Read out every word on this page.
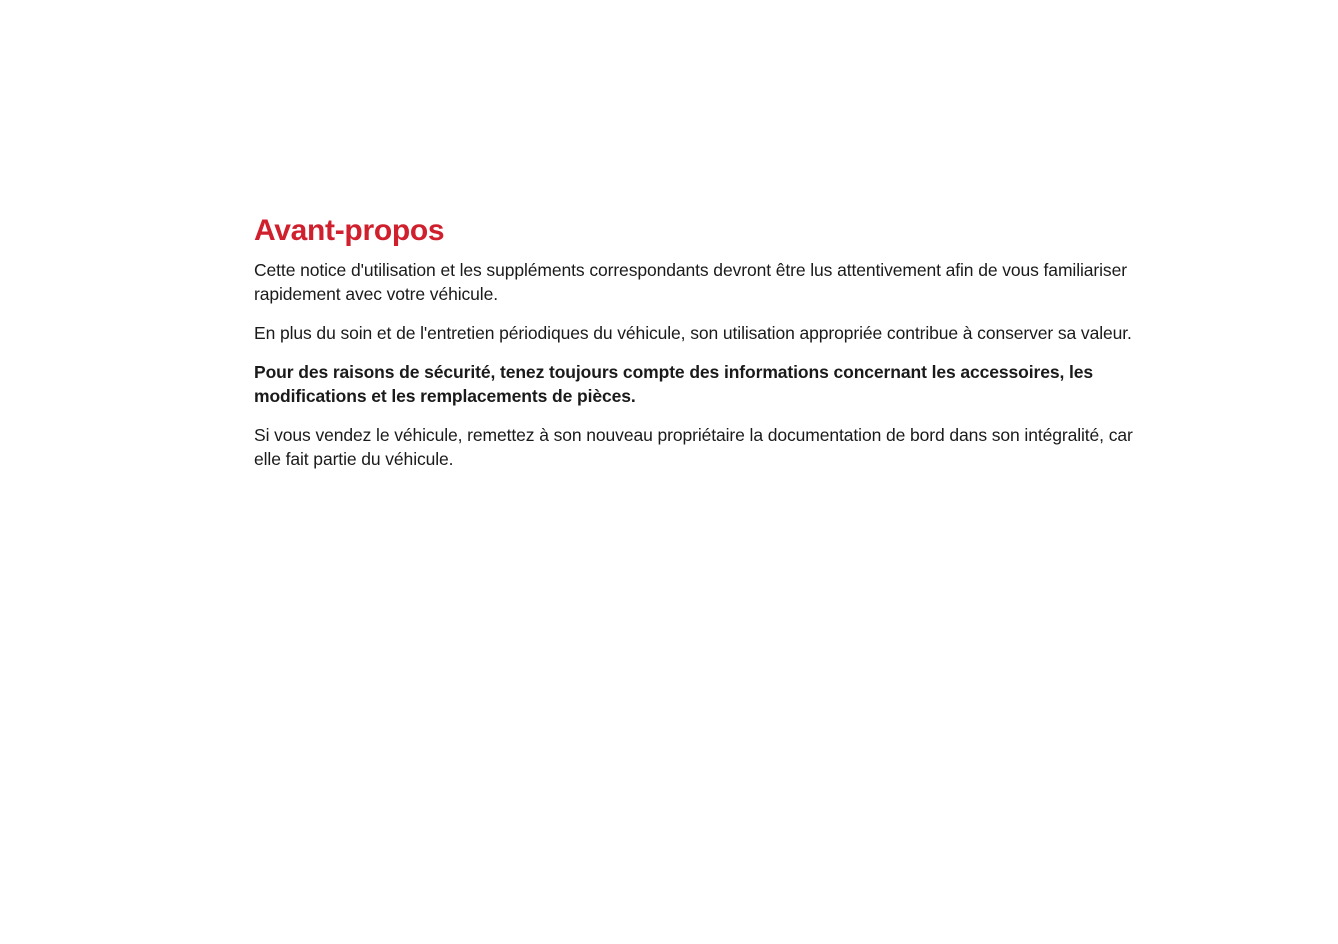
Avant-propos

Cette notice d'utilisation et les suppléments correspondants devront être lus attentivement afin de vous familiariser rapidement avec votre véhicule.

En plus du soin et de l'entretien périodiques du véhicule, son utilisation appropriée contribue à conserver sa valeur.

Pour des raisons de sécurité, tenez toujours compte des informations concernant les accessoires, les modifications et les remplacements de pièces.

Si vous vendez le véhicule, remettez à son nouveau propriétaire la documentation de bord dans son intégralité, car elle fait partie du véhicule.
